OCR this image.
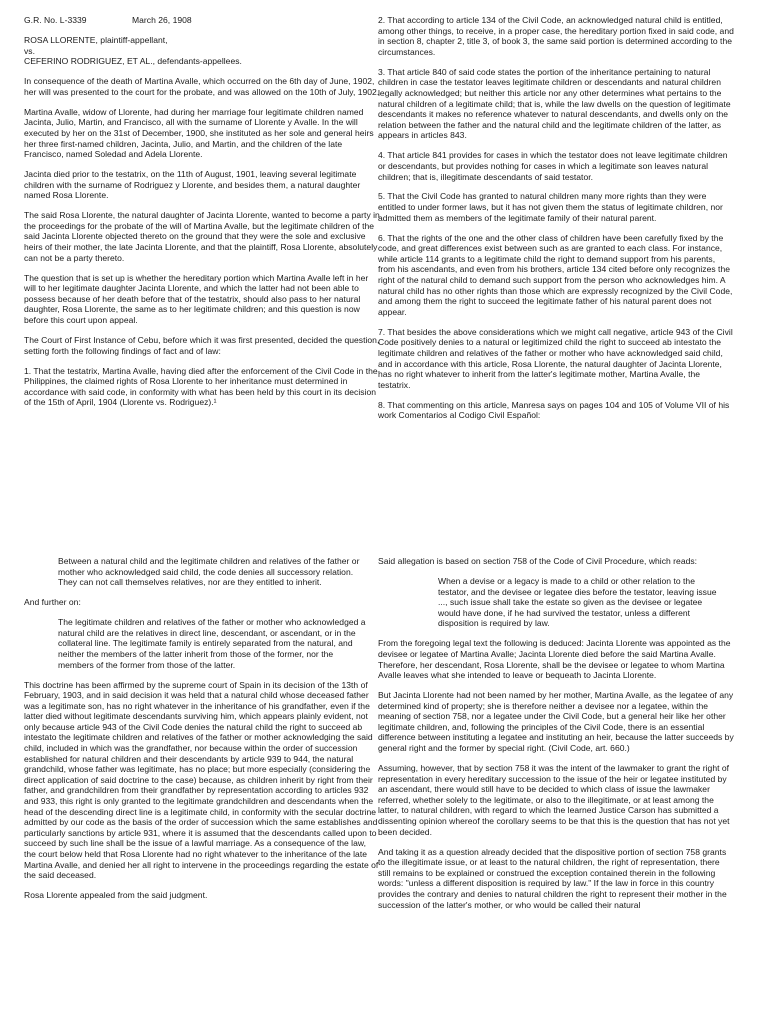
G.R. No. L-3339	March 26, 1908
ROSA LLORENTE, plaintiff-appellant,
vs.
CEFERINO RODRIGUEZ, ET AL., defendants-appellees.

In consequence of the death of Martina Avalle, which occurred on the 6th day of June, 1902, her will was presented to the court for the probate, and was allowed on the 10th of July, 1902.

Martina Avalle, widow of Llorente, had during her marriage four legitimate children named Jacinta, Julio, Martin, and Francisco, all with the surname of Llorente y Avalle. In the will executed by her on the 31st of December, 1900, she instituted as her sole and general heirs her three first-named children, Jacinta, Julio, and Martin, and the children of the late Francisco, named Soledad and Adela Llorente.

Jacinta died prior to the testatrix, on the 11th of August, 1901, leaving several legitimate children with the surname of Rodriguez y Llorente, and besides them, a natural daughter named Rosa Llorente.

The said Rosa Llorente, the natural daughter of Jacinta Llorente, wanted to become a party in the proceedings for the probate of the will of Martina Avalle, but the legitimate children of the said Jacinta Llorente objected thereto on the ground that they were the sole and exclusive heirs of their mother, the late Jacinta Llorente, and that the plaintiff, Rosa Llorente, absolutely can not be a party thereto.

The question that is set up is whether the hereditary portion which Martina Avalle left in her will to her legitimate daughter Jacinta Llorente, and which the latter had not been able to possess because of her death before that of the testatrix, should also pass to her natural daughter, Rosa Llorente, the same as to her legitimate children; and this question is now before this court upon appeal.

The Court of First Instance of Cebu, before which it was first presented, decided the question, setting forth the following findings of fact and of law:

1. That the testatrix, Martina Avalle, having died after the enforcement of the Civil Code in the Philippines, the claimed rights of Rosa Llorente to her inheritance must determined in accordance with said code, in conformity with what has been held by this court in its decision of the 15th of April, 1904 (Llorente vs. Rodriguez).¹

2. That according to article 134 of the Civil Code, an acknowledged natural child is entitled, among other things, to receive, in a proper case, the hereditary portion fixed in said code, and in section 8, chapter 2, title 3, of book 3, the same said portion is determined according to the circumstances.

3. That article 840 of said code states the portion of the inheritance pertaining to natural children in case the testator leaves legitimate children or descendants and natural children legally acknowledged; but neither this article nor any other determines what pertains to the natural children of a legitimate child; that is, while the law dwells on the question of legitimate descendants it makes no reference whatever to natural descendants, and dwells only on the relation between the father and the natural child and the legitimate children of the latter, as appears in articles 843.

4. That article 841 provides for cases in which the testator does not leave legitimate children or descendants, but provides nothing for cases in which a legitimate son leaves natural children; that is, illegitimate descendants of said testator.

5. That the Civil Code has granted to natural children many more rights than they were entitled to under former laws, but it has not given them the status of legitimate children, nor admitted them as members of the legitimate family of their natural parent.

6. That the rights of the one and the other class of children have been carefully fixed by the code, and great differences exist between such as are granted to each class. For instance, while article 114 grants to a legitimate child the right to demand support from his parents, from his ascendants, and even from his brothers, article 134 cited before only recognizes the right of the natural child to demand such support from the person who acknowledges him. A natural child has no other rights than those which are expressly recognized by the Civil Code, and among them the right to succeed the legitimate father of his natural parent does not appear.

7. That besides the above considerations which we might call negative, article 943 of the Civil Code positively denies to a natural or legitimized child the right to succeed ab intestato the legitimate children and relatives of the father or mother who have acknowledged said child, and in accordance with this article, Rosa Llorente, the natural daughter of Jacinta Llorente, has no right whatever to inherit from the latter's legitimate mother, Martina Avalle, the testatrix.

8. That commenting on this article, Manresa says on pages 104 and 105 of Volume VII of his work Comentarios al Codigo Civil Español:

Between a natural child and the legitimate children and relatives of the father or mother who acknowledged said child, the code denies all successory relation. They can not call themselves relatives, nor are they entitled to inherit.

And further on:

The legitimate children and relatives of the father or mother who acknowledged a natural child are the relatives in direct line, descendant, or ascendant, or in the collateral line. The legitimate family is entirely separated from the natural, and neither the members of the latter inherit from those of the former, nor the members of the former from those of the latter.

This doctrine has been affirmed by the supreme court of Spain in its decision of the 13th of February, 1903, and in said decision it was held that a natural child whose deceased father was a legitimate son, has no right whatever in the inheritance of his grandfather, even if the latter died without legitimate descendants surviving him, which appears plainly evident, not only because article 943 of the Civil Code denies the natural child the right to succeed ab intestato the legitimate children and relatives of the father or mother acknowledging the said child, included in which was the grandfather, nor because within the order of succession established for natural children and their descendants by article 939 to 944, the natural grandchild, whose father was legitimate, has no place; but more especially (considering the direct application of said doctrine to the case) because, as children inherit by right from their father, and grandchildren from their grandfather by representation according to articles 932 and 933, this right is only granted to the legitimate grandchildren and descendants when the head of the descending direct line is a legitimate child, in conformity with the secular doctrine admitted by our code as the basis of the order of succession which the same establishes and particularly sanctions by article 931, where it is assumed that the descendants called upon to succeed by such line shall be the issue of a lawful marriage. As a consequence of the law, the court below held that Rosa Llorente had no right whatever to the inheritance of the late Martina Avalle, and denied her all right to intervene in the proceedings regarding the estate of the said deceased.

Rosa Llorente appealed from the said judgment.

Said allegation is based on section 758 of the Code of Civil Procedure, which reads:

When a devise or a legacy is made to a child or other relation to the testator, and the devisee or legatee dies before the testator, leaving issue ..., such issue shall take the estate so given as the devisee or legatee would have done, if he had survived the testator, unless a different disposition is required by law.

From the foregoing legal text the following is deduced: Jacinta Llorente was appointed as the devisee or legatee of Martina Avalle; Jacinta Llorente died before the said Martina Avalle. Therefore, her descendant, Rosa Llorente, shall be the devisee or legatee to whom Martina Avalle leaves what she intended to leave or bequeath to Jacinta Llorente.

But Jacinta Llorente had not been named by her mother, Martina Avalle, as the legatee of any determined kind of property; she is therefore neither a devisee nor a legatee, within the meaning of section 758, nor a legatee under the Civil Code, but a general heir like her other legitimate children, and, following the principles of the Civil Code, there is an essential difference between instituting a legatee and instituting an heir, because the latter succeeds by general right and the former by special right. (Civil Code, art. 660.)

Assuming, however, that by section 758 it was the intent of the lawmaker to grant the right of representation in every hereditary succession to the issue of the heir or legatee instituted by an ascendant, there would still have to be decided to which class of issue the lawmaker referred, whether solely to the legitimate, or also to the illegitimate, or at least among the latter, to natural children, with regard to which the learned Justice Carson has submitted a dissenting opinion whereof the corollary seems to be that this is the question that has not yet been decided.

And taking it as a question already decided that the dispositive portion of section 758 grants to the illegitimate issue, or at least to the natural children, the right of representation, there still remains to be explained or construed the exception contained therein in the following words: "unless a different disposition is required by law." If the law in force in this country provides the contrary and denies to natural children the right to represent their mother in the succession of the latter's mother, or who would be called their natural
